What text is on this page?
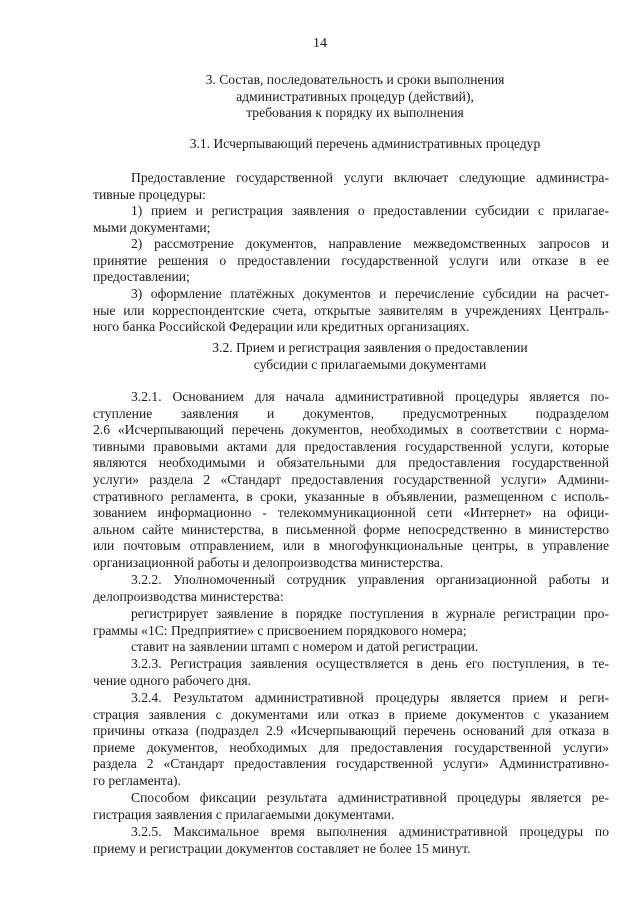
14
3. Состав, последовательность и сроки выполнения
административных процедур (действий),
требования к порядку их выполнения
3.1. Исчерпывающий перечень административных процедур
Предоставление государственной услуги включает следующие администра-
тивные процедуры:
1) прием и регистрация заявления о предоставлении субсидии с прилагае-
мыми документами;
2) рассмотрение документов, направление межведомственных запросов и
принятие решения о предоставлении государственной услуги или отказе в ее
предоставлении;
3) оформление платёжных документов и перечисление субсидии на расчет-
ные или корреспондентские счета, открытые заявителям в учреждениях Централь-
ного банка Российской Федерации или кредитных организациях.
3.2. Прием и регистрация заявления о предоставлении
субсидии с прилагаемыми документами
3.2.1. Основанием для начала административной процедуры является по-
ступление заявления и документов, предусмотренных подразделом
2.6 «Исчерпывающий перечень документов, необходимых в соответствии с норма-
тивными правовыми актами для предоставления государственной услуги, которые
являются необходимыми и обязательными для предоставления государственной
услуги» раздела 2 «Стандарт предоставления государственной услуги» Админи-
стративного регламента, в сроки, указанные в объявлении, размещенном с исполь-
зованием информационно - телекоммуникационной сети «Интернет» на офици-
альном сайте министерства, в письменной форме непосредственно в министерство
или почтовым отправлением, или в многофункциональные центры, в управление
организационной работы и делопроизводства министерства.
3.2.2. Уполномоченный сотрудник управления организационной работы и
делопроизводства министерства:
регистрирует заявление в порядке поступления в журнале регистрации про-
граммы «1С: Предприятие» с присвоением порядкового номера;
ставит на заявлении штамп с номером и датой регистрации.
3.2.3. Регистрация заявления осуществляется в день его поступления, в те-
чение одного рабочего дня.
3.2.4. Результатом административной процедуры является прием и реги-
страция заявления с документами или отказ в приеме документов с указанием
причины отказа (подраздел 2.9 «Исчерпывающий перечень оснований для отказа в
приеме документов, необходимых для предоставления государственной услуги»
раздела 2 «Стандарт предоставления государственной услуги» Административно-
го регламента).
Способом фиксации результата административной процедуры является ре-
гистрация заявления с прилагаемыми документами.
3.2.5. Максимальное время выполнения административной процедуры по
приему и регистрации документов составляет не более 15 минут.
